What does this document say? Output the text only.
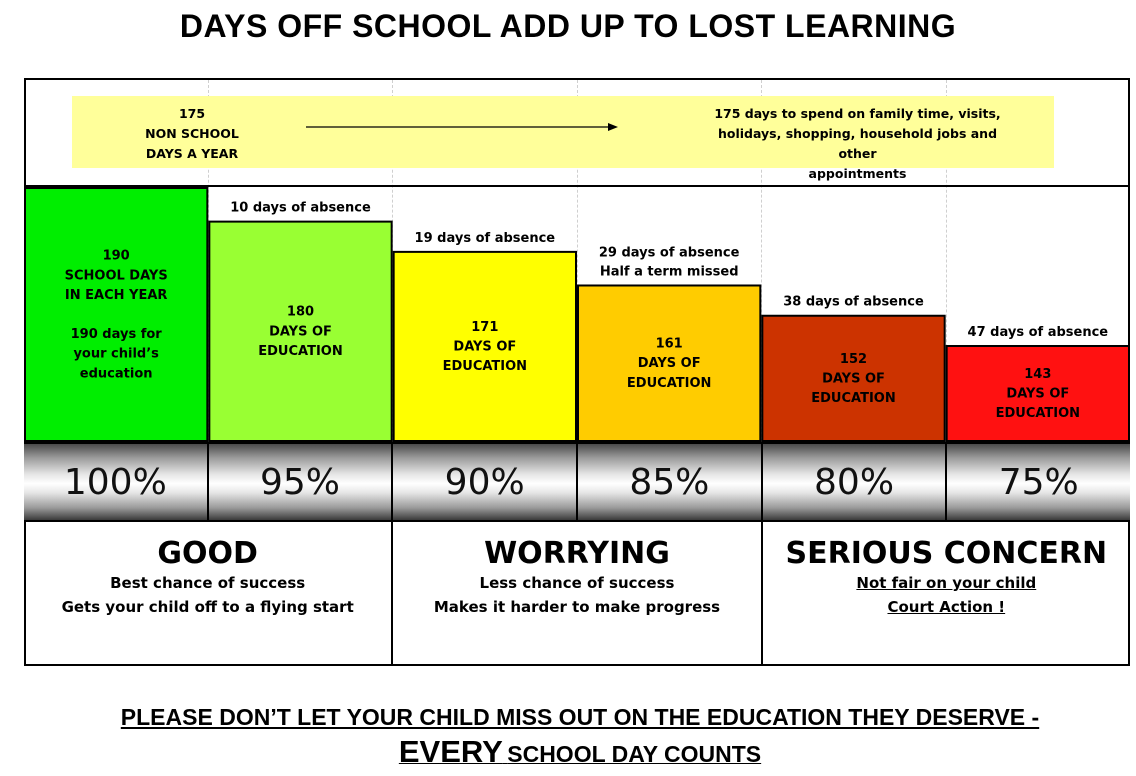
DAYS OFF SCHOOL ADD UP TO LOST LEARNING
175
NON SCHOOL
DAYS A YEAR
175 days to spend on family time, visits,
holidays, shopping, household jobs and other
appointments
190
SCHOOL DAYS
IN EACH YEAR
190 days for
your child’s
education
180
DAYS OF
EDUCATION
10 days of absence
171
DAYS OF
EDUCATION
19 days of absence
161
DAYS OF
EDUCATION
29 days of absence
Half a term missed
152
DAYS OF
EDUCATION
38 days of absence
143
DAYS OF
EDUCATION
47 days of absence
100%	95%	90%	85%	80%	75%
GOOD
Best chance of success
Gets your child off to a flying start
WORRYING
Less chance of success
Makes it harder to make progress
SERIOUS CONCERN
Not fair on your child
Court Action !
PLEASE DON’T LET YOUR CHILD MISS OUT ON THE EDUCATION THEY DESERVE -
EVERY SCHOOL DAY COUNTS
